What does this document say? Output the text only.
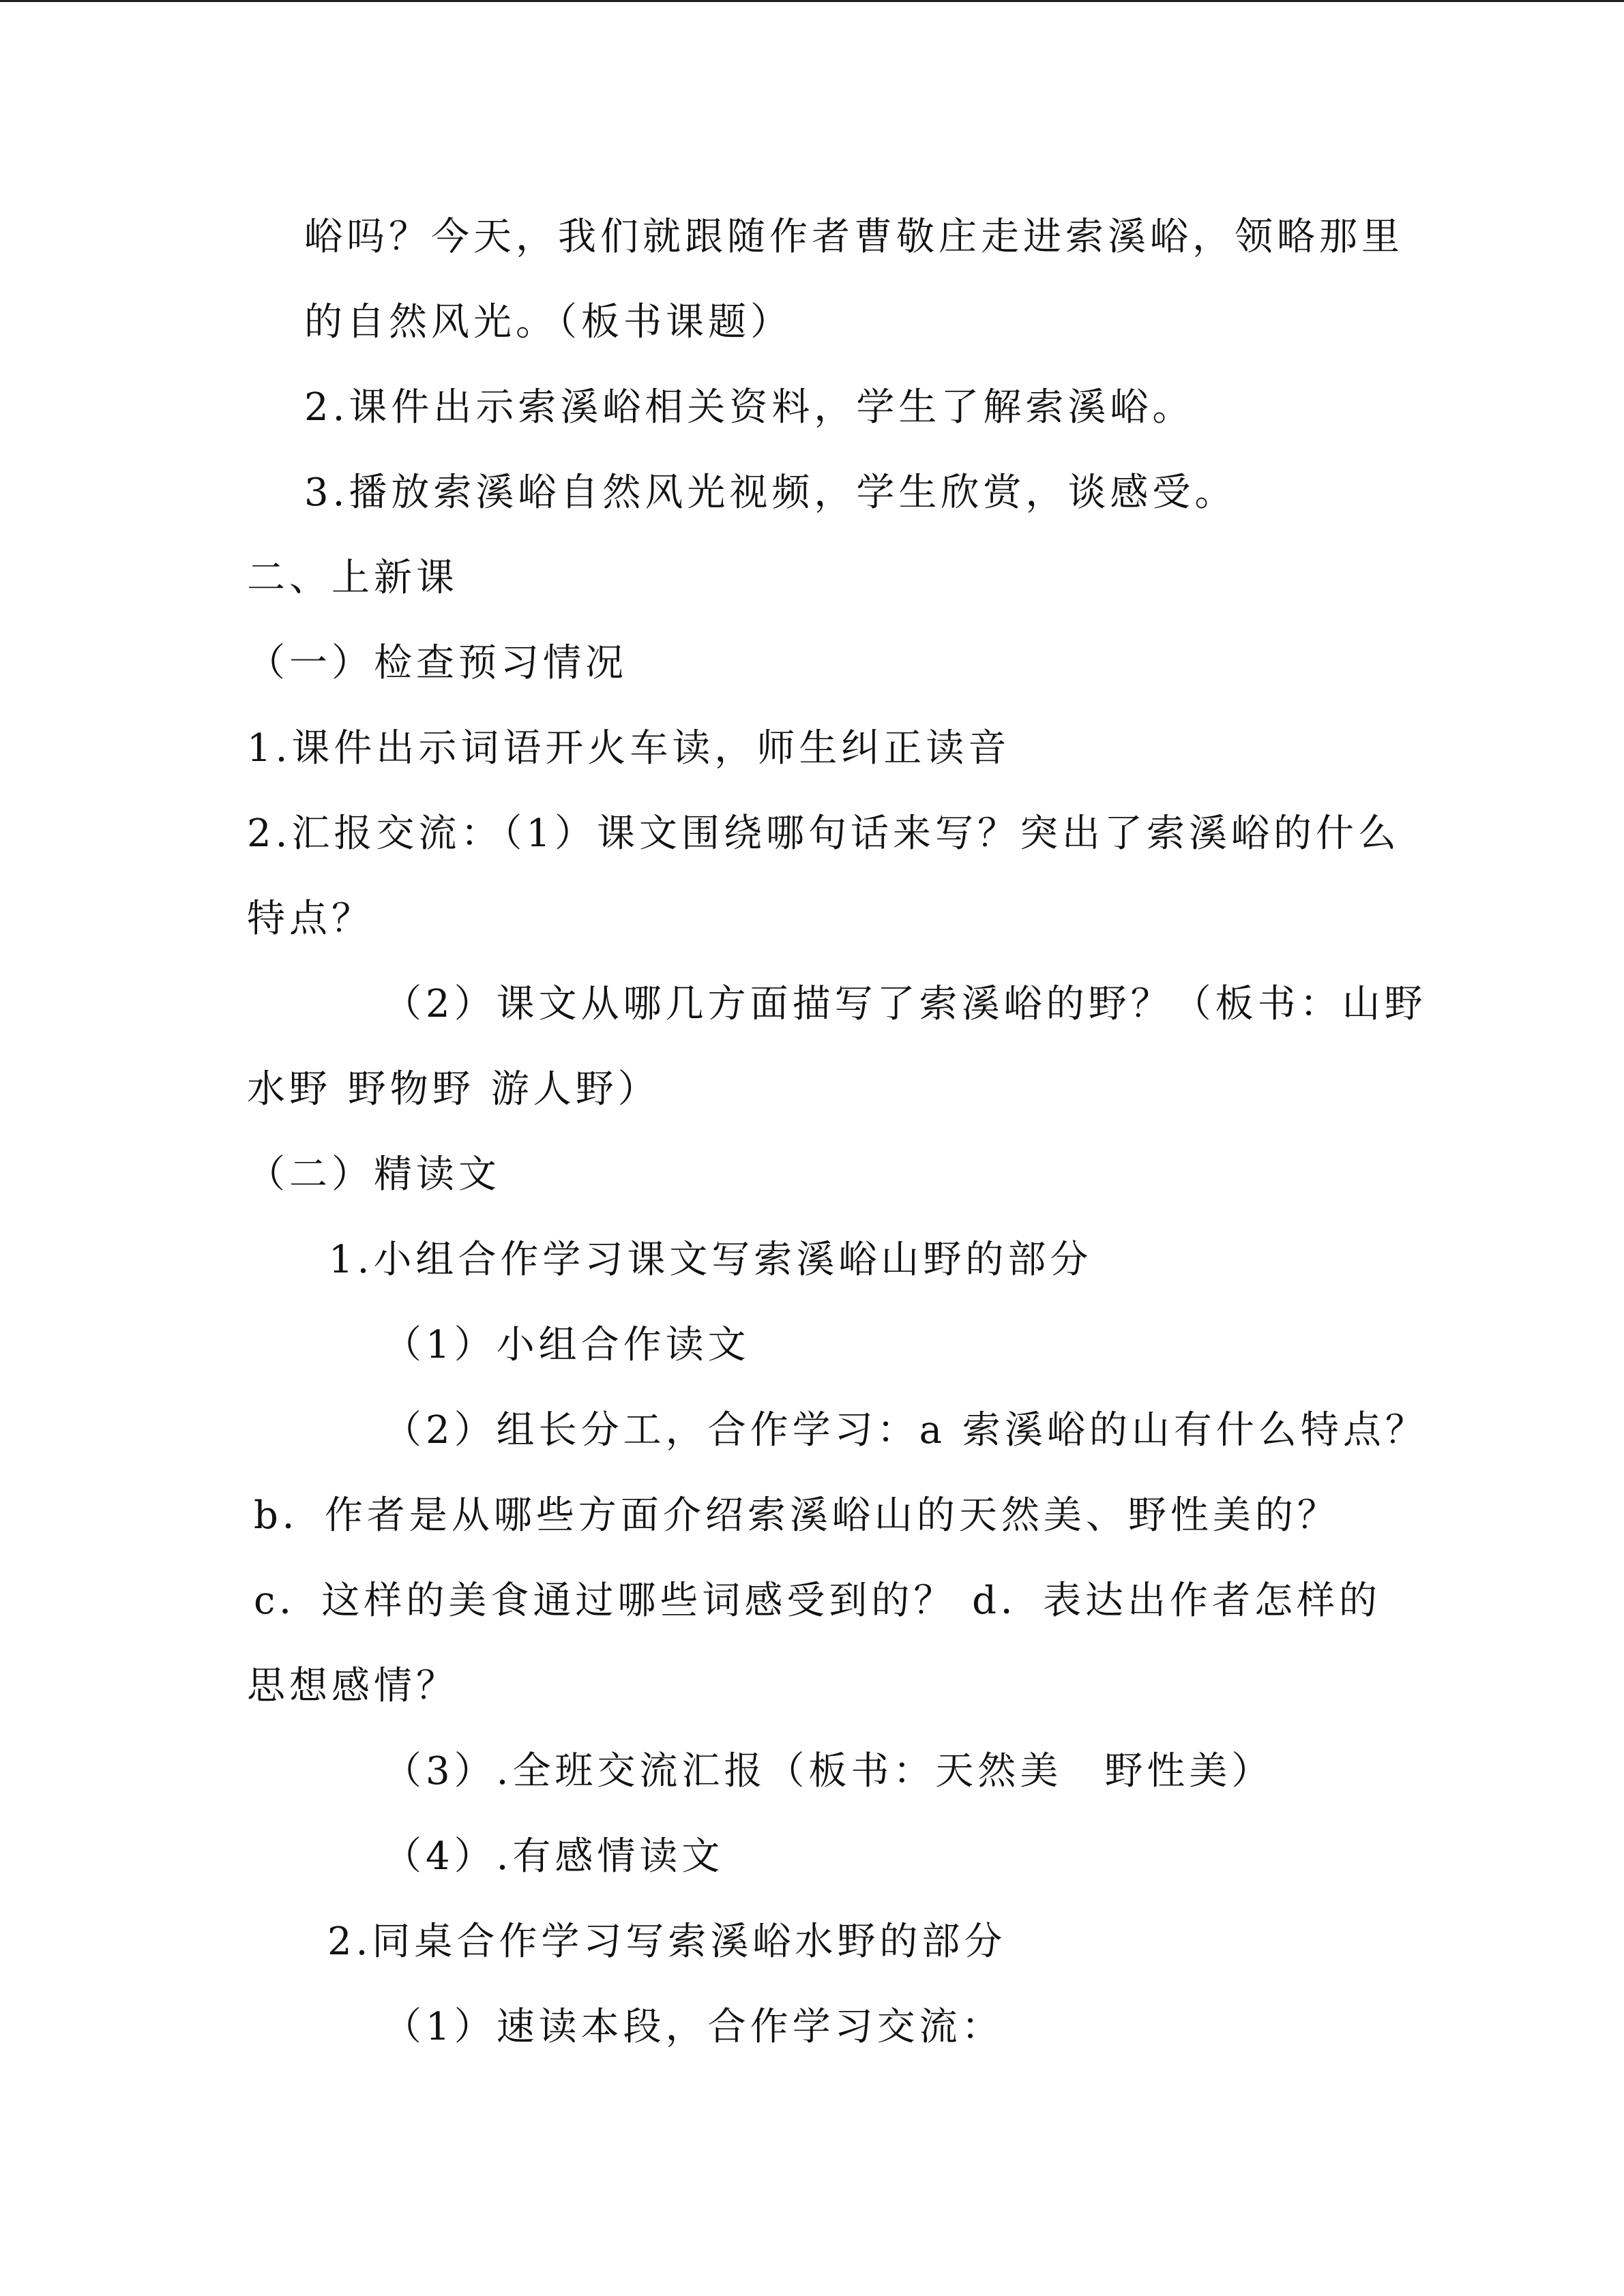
峪吗？今天，我们就跟随作者曹敬庄走进索溪峪，领略那里
的自然风光。（板书课题）
2.课件出示索溪峪相关资料，学生了解索溪峪。
3.播放索溪峪自然风光视频，学生欣赏，谈感受。
二、上新课
（一）检查预习情况
1.课件出示词语开火车读，师生纠正读音
2.汇报交流：（1）课文围绕哪句话来写？突出了索溪峪的什么
特点？
（2）课文从哪几方面描写了索溪峪的野？（板书：山野
水野 野物野 游人野）
（二）精读文
1.小组合作学习课文写索溪峪山野的部分
（1）小组合作读文
（2）组长分工，合作学习：a 索溪峪的山有什么特点？
b．作者是从哪些方面介绍索溪峪山的天然美、野性美的？
c．这样的美食通过哪些词感受到的？ d．表达出作者怎样的
思想感情？
（3）.全班交流汇报（板书：天然美　野性美）
（4）.有感情读文
2.同桌合作学习写索溪峪水野的部分
（1）速读本段，合作学习交流：
